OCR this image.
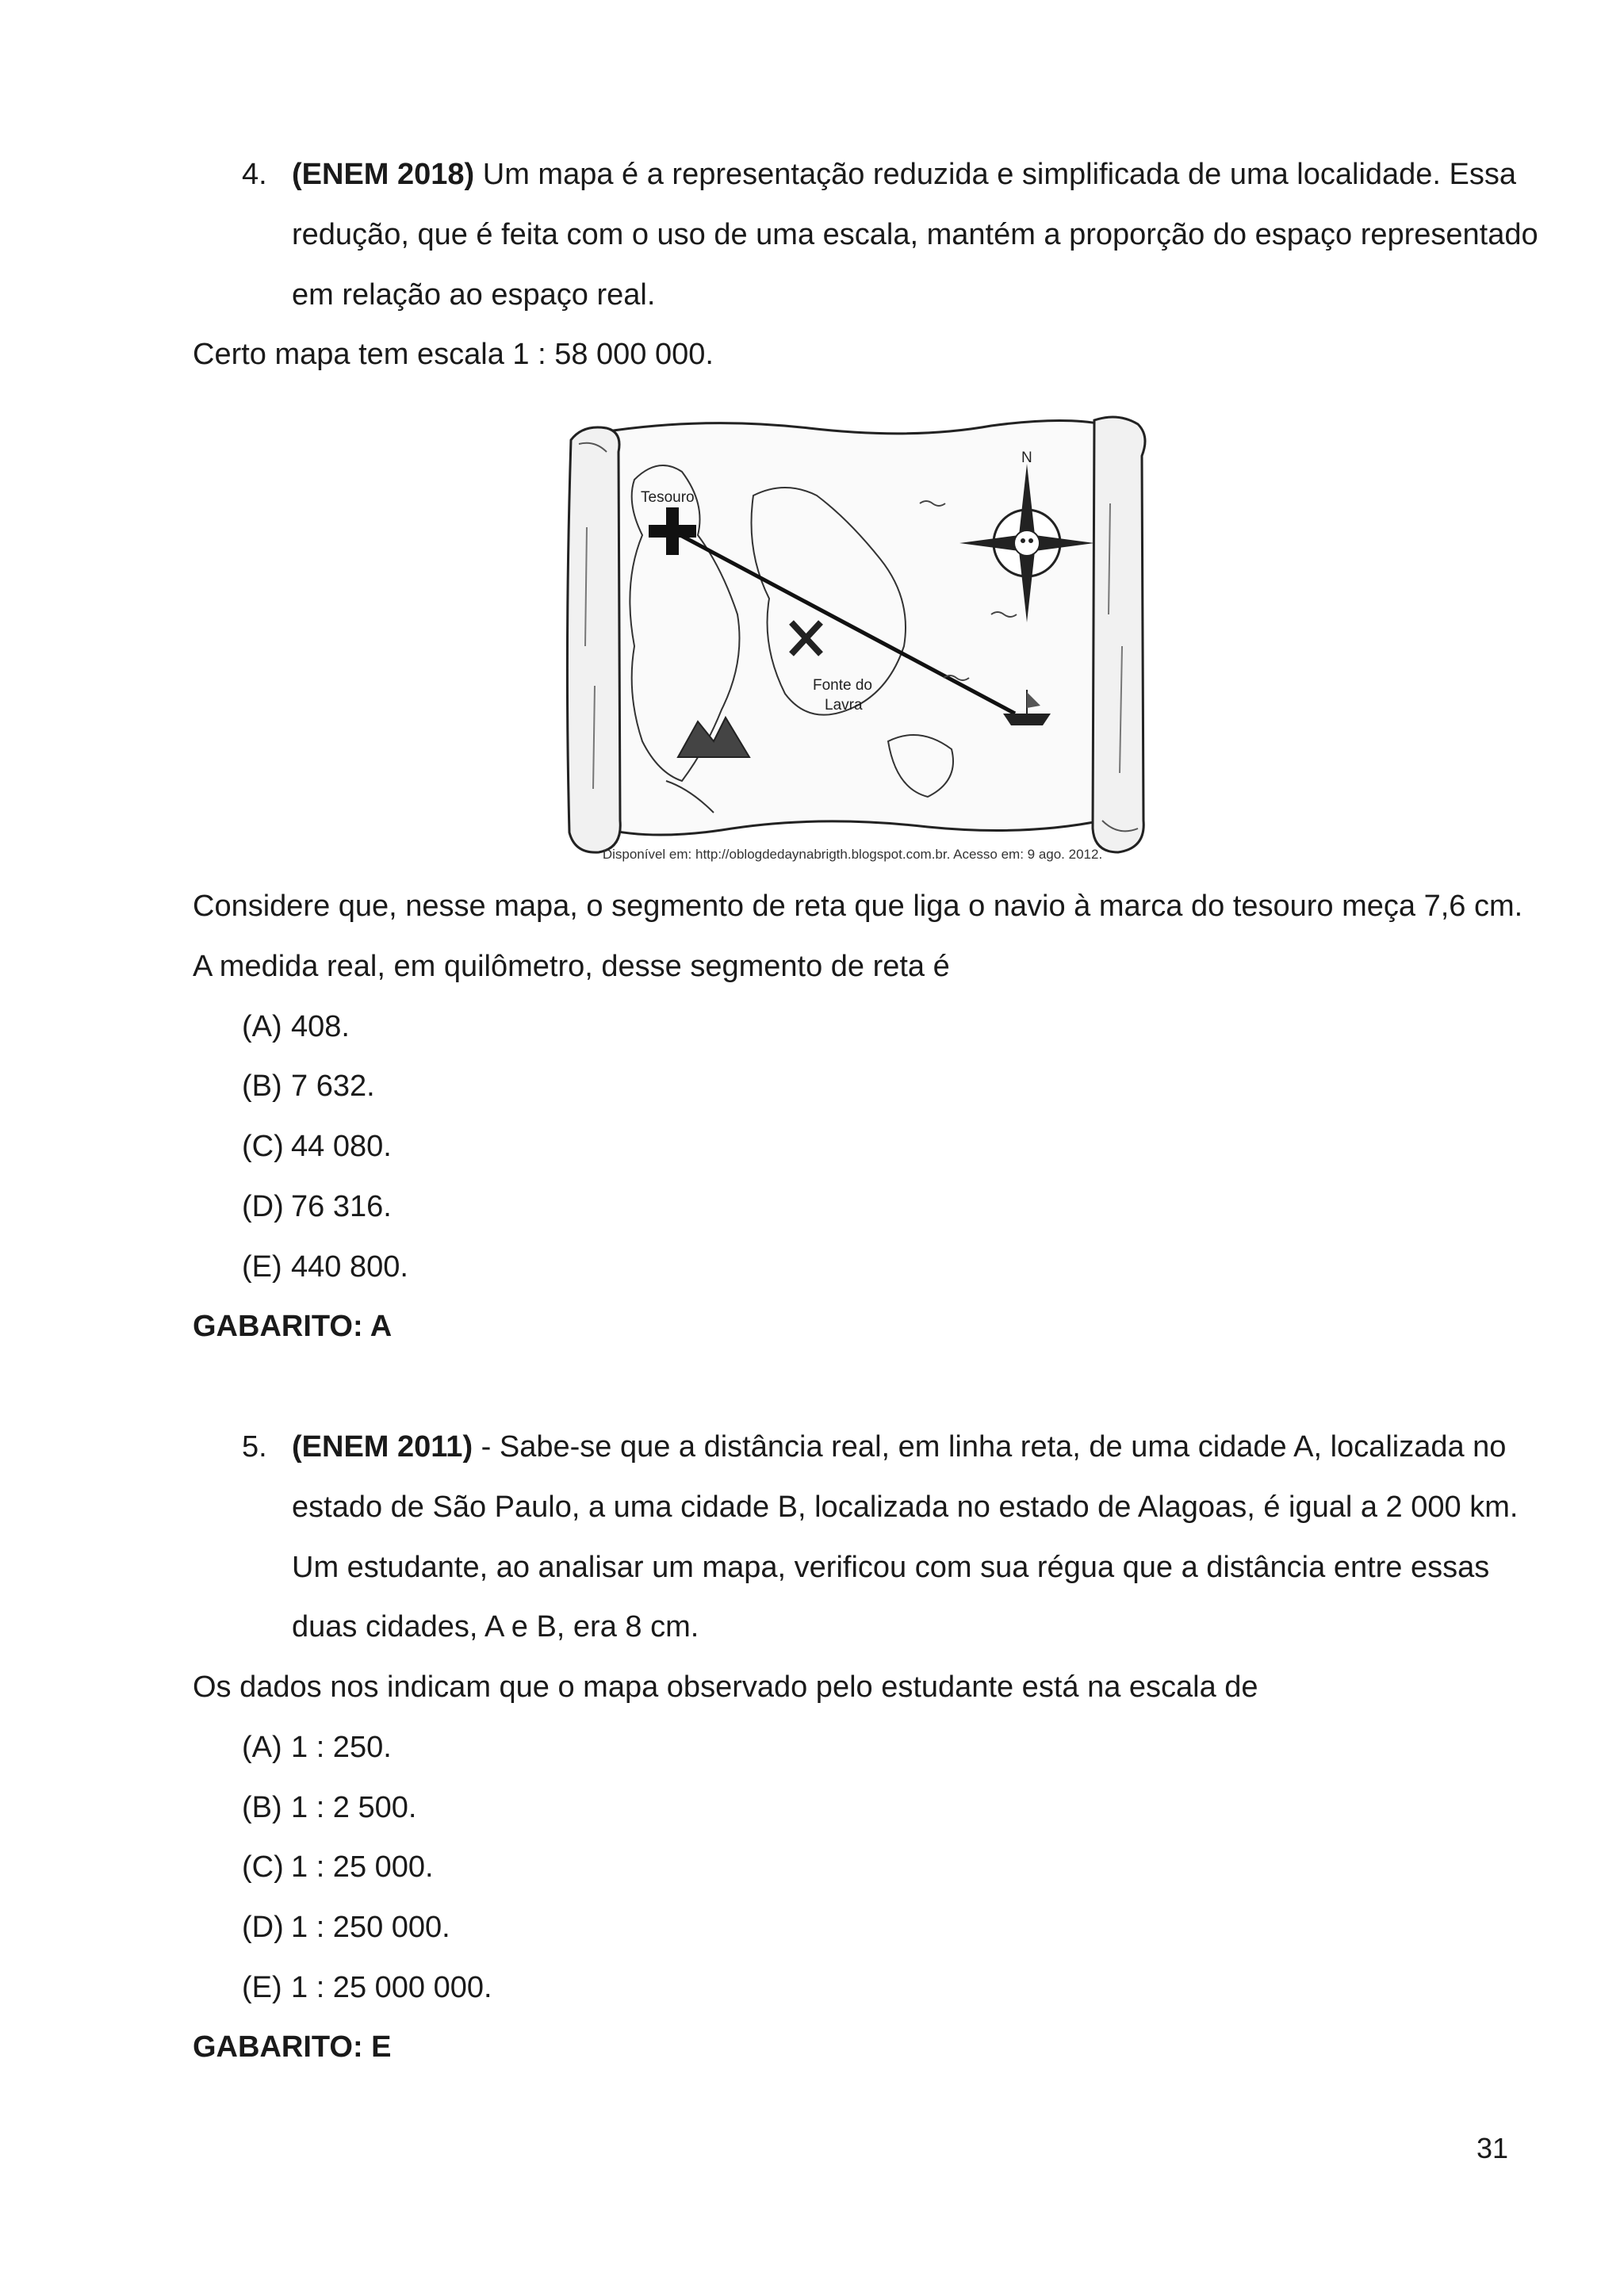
4. (ENEM 2018) Um mapa é a representação reduzida e simplificada de uma localidade. Essa
redução, que é feita com o uso de uma escala, mantém a proporção do espaço representado
em relação ao espaço real.
Certo mapa tem escala 1 : 58 000 000.
N
Tesouro
Fonte do
Lavra
Disponível em: http://oblogdedaynabrigth.blogspot.com.br. Acesso em: 9 ago. 2012.
Considere que, nesse mapa, o segmento de reta que liga o navio à marca do tesouro meça 7,6 cm.
A medida real, em quilômetro, desse segmento de reta é
(A) 408.
(B) 7 632.
(C) 44 080.
(D) 76 316.
(E) 440 800.
GABARITO: A
5. (ENEM 2011) - Sabe-se que a distância real, em linha reta, de uma cidade A, localizada no
estado de São Paulo, a uma cidade B, localizada no estado de Alagoas, é igual a 2 000 km.
Um estudante, ao analisar um mapa, verificou com sua régua que a distância entre essas
duas cidades, A e B, era 8 cm.
Os dados nos indicam que o mapa observado pelo estudante está na escala de
(A) 1 : 250.
(B) 1 : 2 500.
(C) 1 : 25 000.
(D) 1 : 250 000.
(E) 1 : 25 000 000.
GABARITO: E
31
